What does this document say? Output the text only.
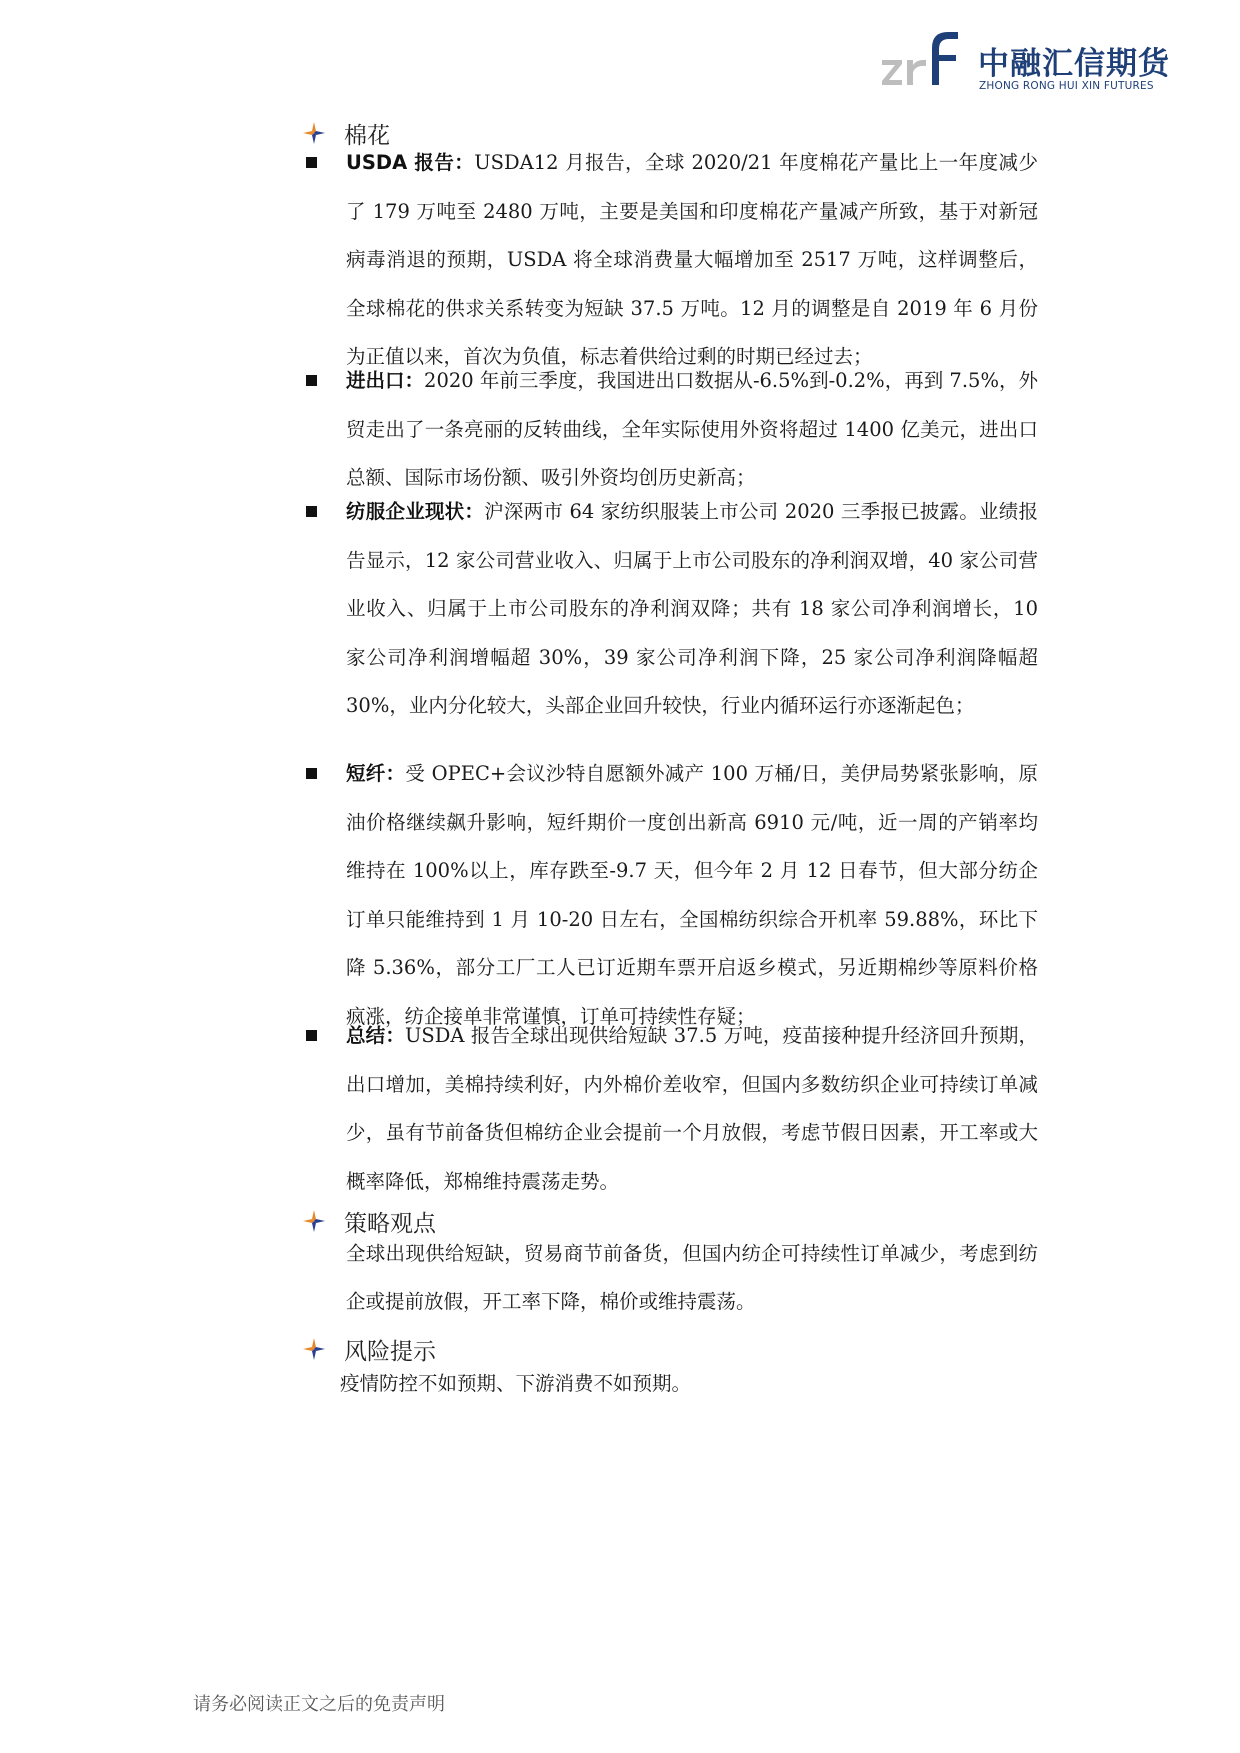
中融汇信期货
ZHONG RONG HUI XIN FUTURES
棉花
USDA 报告：USDA12 月报告，全球 2020/21 年度棉花产量比上一年度减少了 179 万吨至 2480 万吨，主要是美国和印度棉花产量减产所致，基于对新冠病毒消退的预期，USDA 将全球消费量大幅增加至 2517 万吨，这样调整后，全球棉花的供求关系转变为短缺 37.5 万吨。12 月的调整是自 2019 年 6 月份为正值以来，首次为负值，标志着供给过剩的时期已经过去；
进出口：2020 年前三季度，我国进出口数据从-6.5%到-0.2%，再到 7.5%，外贸走出了一条亮丽的反转曲线，全年实际使用外资将超过 1400 亿美元，进出口总额、国际市场份额、吸引外资均创历史新高；
纺服企业现状：沪深两市 64 家纺织服装上市公司 2020 三季报已披露。业绩报告显示，12 家公司营业收入、归属于上市公司股东的净利润双增，40 家公司营业收入、归属于上市公司股东的净利润双降；共有 18 家公司净利润增长，10 家公司净利润增幅超 30%，39 家公司净利润下降，25 家公司净利润降幅超 30%，业内分化较大，头部企业回升较快，行业内循环运行亦逐渐起色；
短纤：受 OPEC+会议沙特自愿额外减产 100 万桶/日，美伊局势紧张影响，原油价格继续飙升影响，短纤期价一度创出新高 6910 元/吨，近一周的产销率均维持在 100%以上，库存跌至-9.7 天，但今年 2 月 12 日春节，但大部分纺企订单只能维持到 1 月 10-20 日左右，全国棉纺织综合开机率 59.88%，环比下降 5.36%，部分工厂工人已订近期车票开启返乡模式，另近期棉纱等原料价格疯涨，纺企接单非常谨慎，订单可持续性存疑；
总结：USDA 报告全球出现供给短缺 37.5 万吨，疫苗接种提升经济回升预期，出口增加，美棉持续利好，内外棉价差收窄，但国内多数纺织企业可持续订单减少，虽有节前备货但棉纺企业会提前一个月放假，考虑节假日因素，开工率或大概率降低，郑棉维持震荡走势。
策略观点
全球出现供给短缺，贸易商节前备货，但国内纺企可持续性订单减少，考虑到纺企或提前放假，开工率下降，棉价或维持震荡。
风险提示
疫情防控不如预期、下游消费不如预期。
请务必阅读正文之后的免责声明
